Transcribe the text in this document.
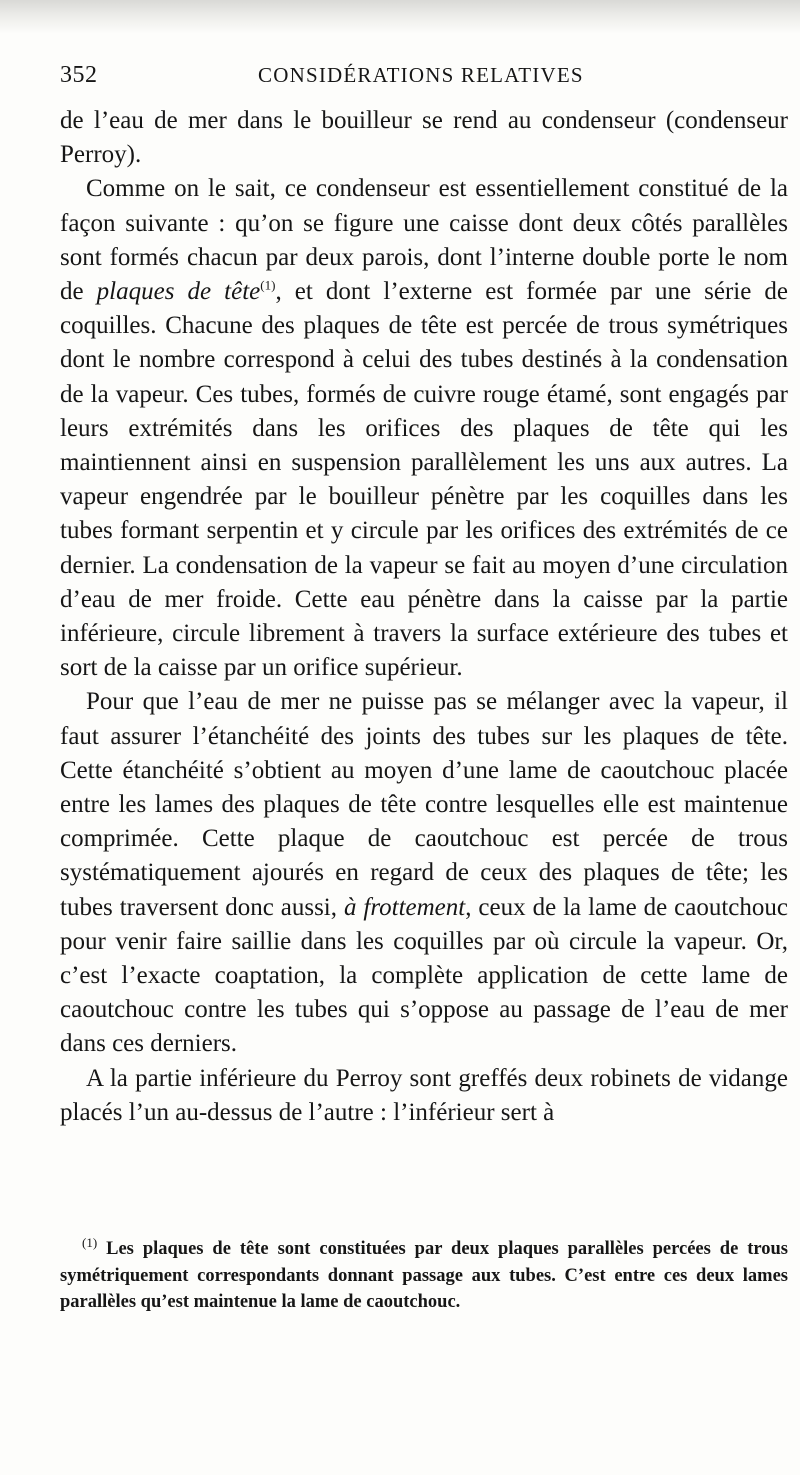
352	CONSIDÉRATIONS RELATIVES

de l’eau de mer dans le bouilleur se rend au condenseur (condenseur Perroy).

Comme on le sait, ce condenseur est essentiellement constitué de la façon suivante : qu’on se figure une caisse dont deux côtés parallèles sont formés chacun par deux parois, dont l’interne double porte le nom de plaques de tête$^{(1)}$, et dont l’externe est formée par une série de coquilles. Chacune des plaques de tête est percée de trous symétriques dont le nombre correspond à celui des tubes destinés à la condensation de la vapeur. Ces tubes, formés de cuivre rouge étamé, sont engagés par leurs extrémités dans les orifices des plaques de tête qui les maintiennent ainsi en suspension parallèlement les uns aux autres. La vapeur engendrée par le bouilleur pénètre par les coquilles dans les tubes formant serpentin et y circule par les orifices des extrémités de ce dernier. La condensation de la vapeur se fait au moyen d’une circulation d’eau de mer froide. Cette eau pénètre dans la caisse par la partie inférieure, circule librement à travers la surface extérieure des tubes et sort de la caisse par un orifice supérieur.

Pour que l’eau de mer ne puisse pas se mélanger avec la vapeur, il faut assurer l’étanchéité des joints des tubes sur les plaques de tête. Cette étanchéité s’obtient au moyen d’une lame de caoutchouc placée entre les lames des plaques de tête contre lesquelles elle est maintenue comprimée. Cette plaque de caoutchouc est percée de trous systématiquement ajourés en regard de ceux des plaques de tête; les tubes traversent donc aussi, à frottement, ceux de la lame de caoutchouc pour venir faire saillie dans les coquilles par où circule la vapeur. Or, c’est l’exacte coaptation, la complète application de cette lame de caoutchouc contre les tubes qui s’oppose au passage de l’eau de mer dans ces derniers.

A la partie inférieure du Perroy sont greffés deux robinets de vidange placés l’un au-dessus de l’autre : l’inférieur sert à

$^{(1)}$ Les plaques de tête sont constituées par deux plaques parallèles percées de trous symétriquement correspondants donnant passage aux tubes. C’est entre ces deux lames parallèles qu’est maintenue la lame de caoutchouc.
